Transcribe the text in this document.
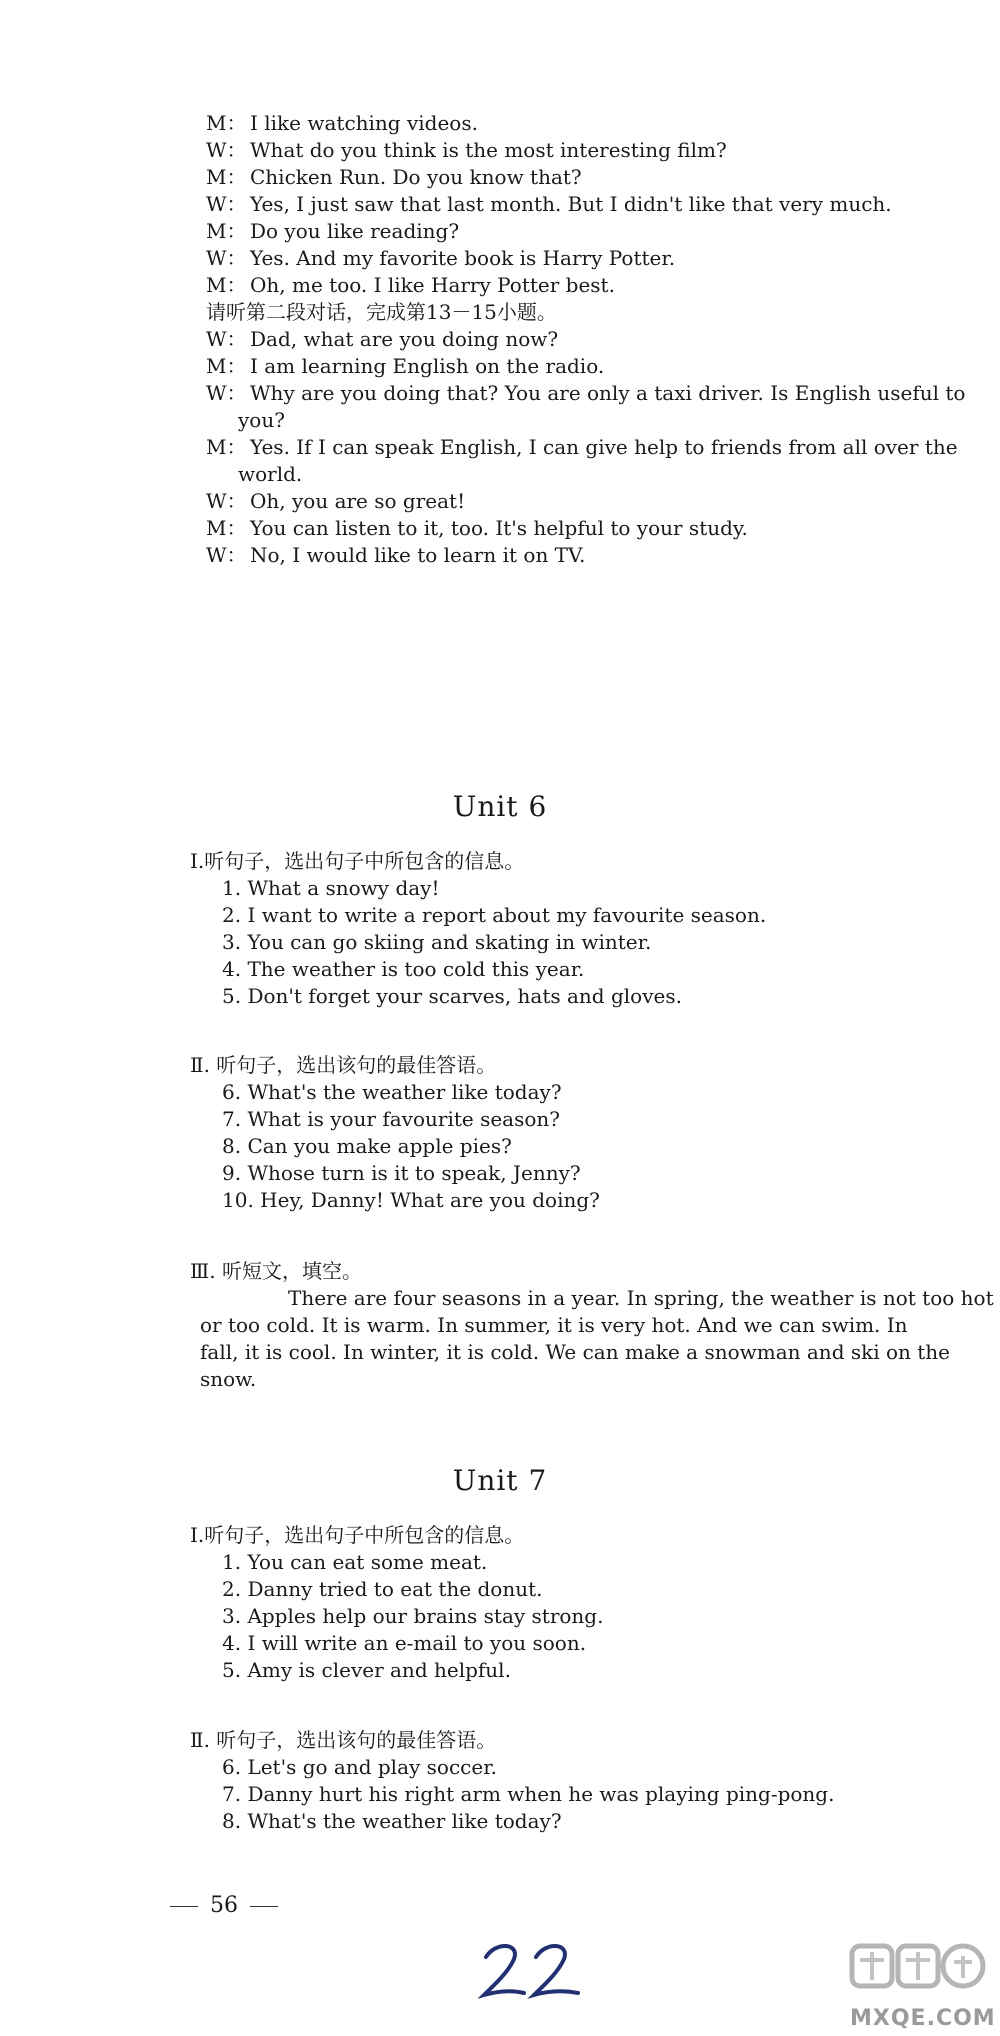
M： I like watching videos.
W： What do you think is the most interesting film?
M： Chicken Run. Do you know that?
W： Yes, I just saw that last month. But I didn't like that very much.
M： Do you like reading?
W： Yes. And my favorite book is Harry Potter.
M： Oh, me too. I like Harry Potter best.
请听第二段对话，完成第13－15小题。
W： Dad, what are you doing now?
M： I am learning English on the radio.
W： Why are you doing that? You are only a taxi driver. Is English useful to
you?
M： Yes. If I can speak English, I can give help to friends from all over the
world.
W： Oh, you are so great!
M： You can listen to it, too. It's helpful to your study.
W： No, I would like to learn it on TV.
Unit 6
Ⅰ.听句子，选出句子中所包含的信息。
1. What a snowy day!
2. I want to write a report about my favourite season.
3. You can go skiing and skating in winter.
4. The weather is too cold this year.
5. Don't forget your scarves, hats and gloves.
Ⅱ. 听句子，选出该句的最佳答语。
6. What's the weather like today?
7. What is your favourite season?
8. Can you make apple pies?
9. Whose turn is it to speak, Jenny?
10. Hey, Danny! What are you doing?
Ⅲ. 听短文，填空。
There are four seasons in a year. In spring, the weather is not too hot
or too cold. It is warm. In summer, it is very hot. And we can swim. In
fall, it is cool. In winter, it is cold. We can make a snowman and ski on the
snow.
Unit 7
Ⅰ.听句子，选出句子中所包含的信息。
1. You can eat some meat.
2. Danny tried to eat the donut.
3. Apples help our brains stay strong.
4. I will write an e-mail to you soon.
5. Amy is clever and helpful.
Ⅱ. 听句子，选出该句的最佳答语。
6. Let's go and play soccer.
7. Danny hurt his right arm when he was playing ping-pong.
8. What's the weather like today?
56
MXQE.COM
